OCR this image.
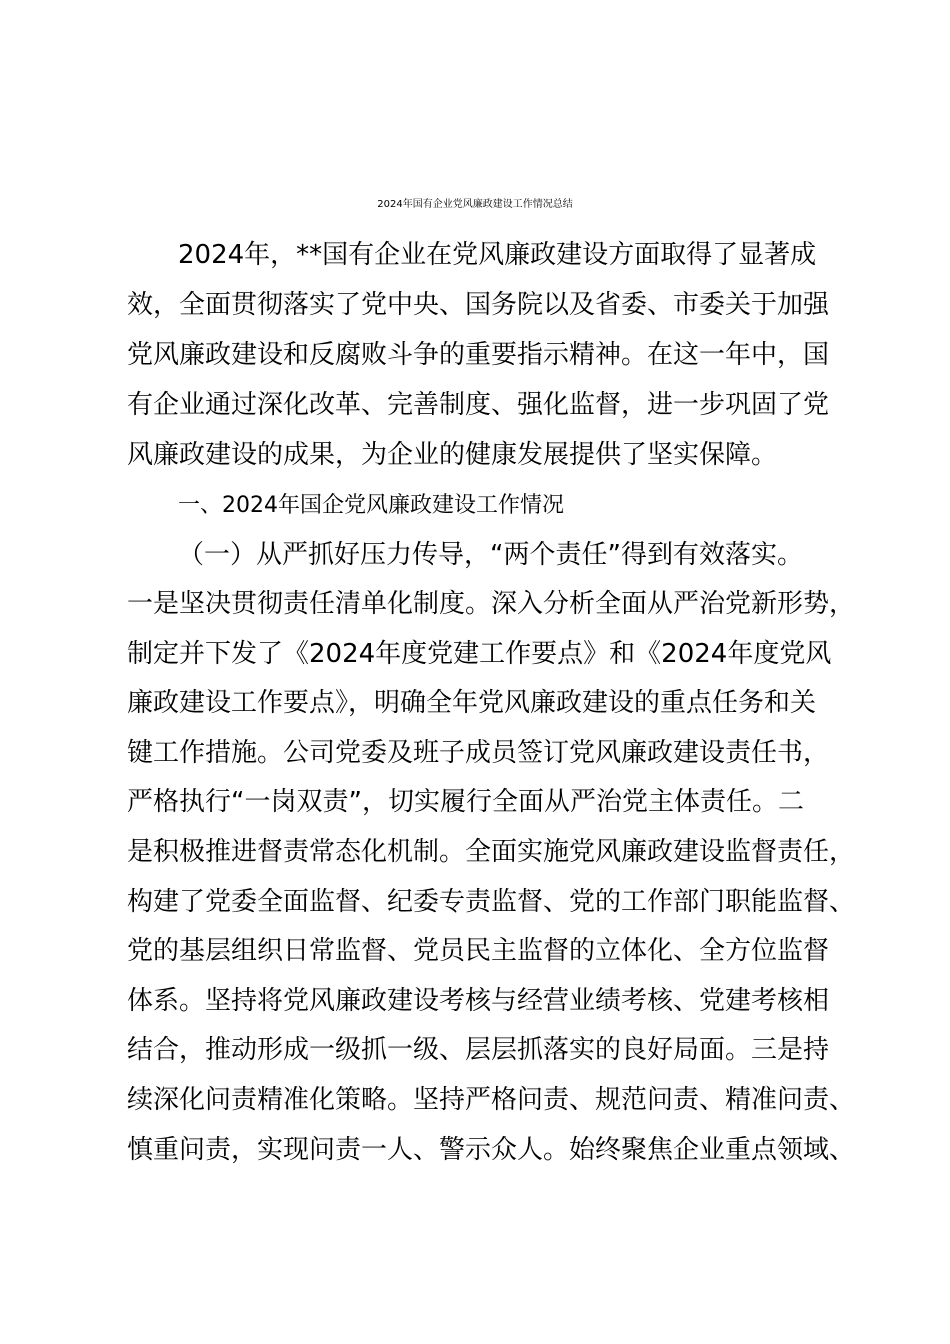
2024年国有企业党风廉政建设工作情况总结
2024年，**国有企业在党风廉政建设方面取得了显著成
效，全面贯彻落实了党中央、国务院以及省委、市委关于加强
党风廉政建设和反腐败斗争的重要指示精神。在这一年中，国
有企业通过深化改革、完善制度、强化监督，进一步巩固了党
风廉政建设的成果，为企业的健康发展提供了坚实保障。
一、2024年国企党风廉政建设工作情况
（一）从严抓好压力传导，“两个责任”得到有效落实。
一是坚决贯彻责任清单化制度。深入分析全面从严治党新形势，
制定并下发了《2024年度党建工作要点》和《2024年度党风
廉政建设工作要点》，明确全年党风廉政建设的重点任务和关
键工作措施。公司党委及班子成员签订党风廉政建设责任书，
严格执行“一岗双责”，切实履行全面从严治党主体责任。二
是积极推进督责常态化机制。全面实施党风廉政建设监督责任，
构建了党委全面监督、纪委专责监督、党的工作部门职能监督、
党的基层组织日常监督、党员民主监督的立体化、全方位监督
体系。坚持将党风廉政建设考核与经营业绩考核、党建考核相
结合，推动形成一级抓一级、层层抓落实的良好局面。三是持
续深化问责精准化策略。坚持严格问责、规范问责、精准问责、
慎重问责，实现问责一人、警示众人。始终聚焦企业重点领域、
